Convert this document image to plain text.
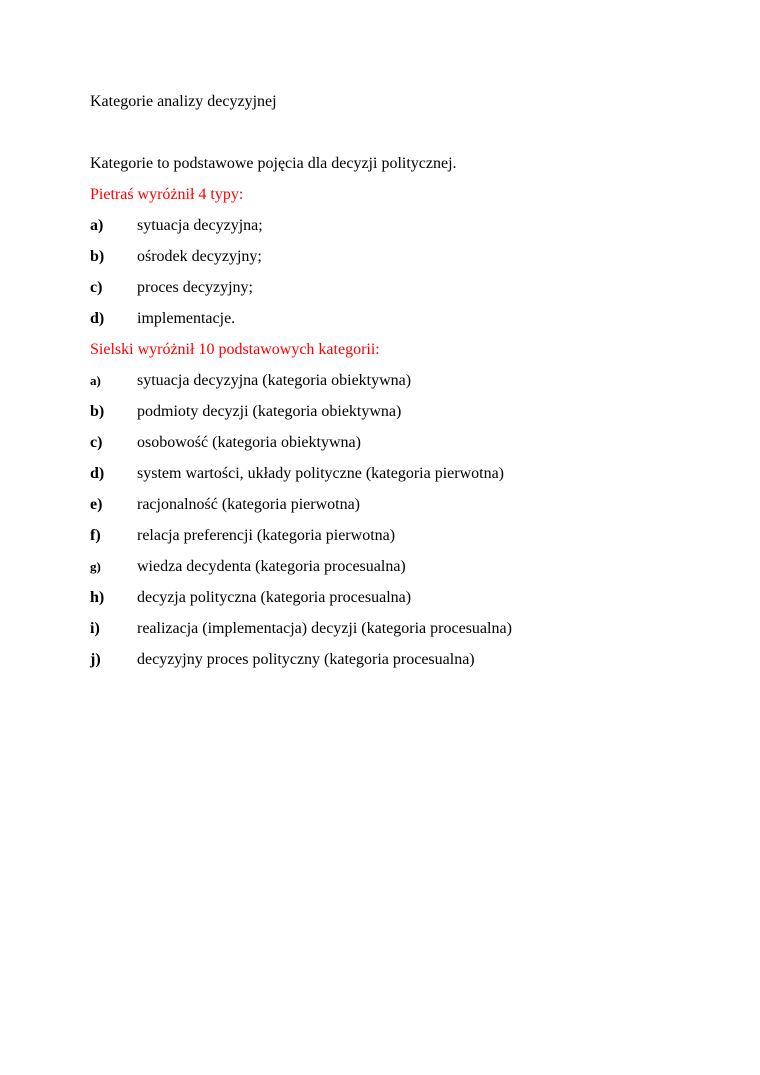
Kategorie analizy decyzyjnej

Kategorie to podstawowe pojęcia dla decyzji politycznej.

Pietraś wyróżnił 4 typy:

a)	sytuacja decyzyjna;
b)	ośrodek decyzyjny;
c)	proces decyzyjny;
d)	implementacje.

Sielski wyróżnił 10 podstawowych kategorii:

a)	sytuacja decyzyjna (kategoria obiektywna)
b)	podmioty decyzji (kategoria obiektywna)
c)	osobowość (kategoria obiektywna)
d)	system wartości, układy polityczne (kategoria pierwotna)
e)	racjonalność (kategoria pierwotna)
f)	relacja preferencji (kategoria pierwotna)
g)	wiedza decydenta (kategoria procesualna)
h)	decyzja polityczna (kategoria procesualna)
i)	realizacja (implementacja) decyzji (kategoria procesualna)
j)	decyzyjny proces polityczny (kategoria procesualna)
